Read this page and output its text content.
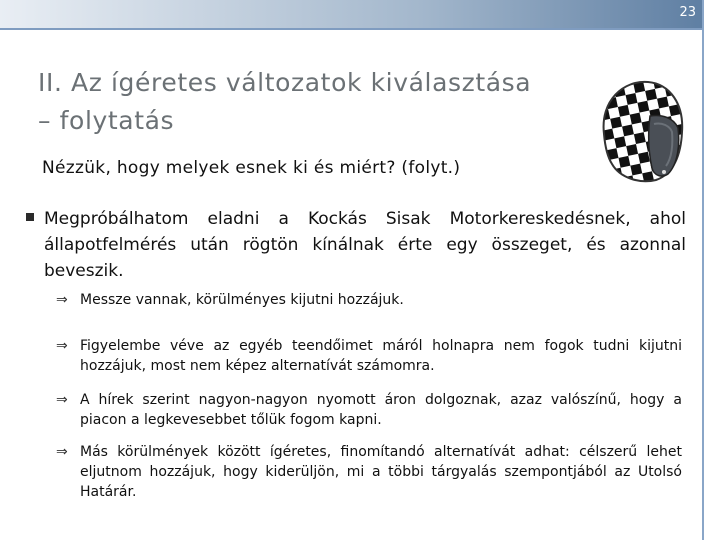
23
II. Az ígéretes változatok kiválasztása
– folytatás
Nézzük, hogy melyek esnek ki és miért? (folyt.)
Megpróbálhatom eladni a Kockás Sisak Motorkereskedésnek, ahol állapotfelmérés után rögtön kínálnak érte egy összeget, és azonnal beveszik.
⇒ Messze vannak, körülményes kijutni hozzájuk.
⇒ Figyelembe véve az egyéb teendőimet máról holnapra nem fogok tudni kijutni hozzájuk, most nem képez alternatívát számomra.
⇒ A hírek szerint nagyon-nagyon nyomott áron dolgoznak, azaz valószínű, hogy a piacon a legkevesebbet tőlük fogom kapni.
⇒ Más körülmények között ígéretes, finomítandó alternatívát adhat: célszerű lehet eljutnom hozzájuk, hogy kiderüljön, mi a többi tárgyalás szempontjából az Utolsó Határár.
